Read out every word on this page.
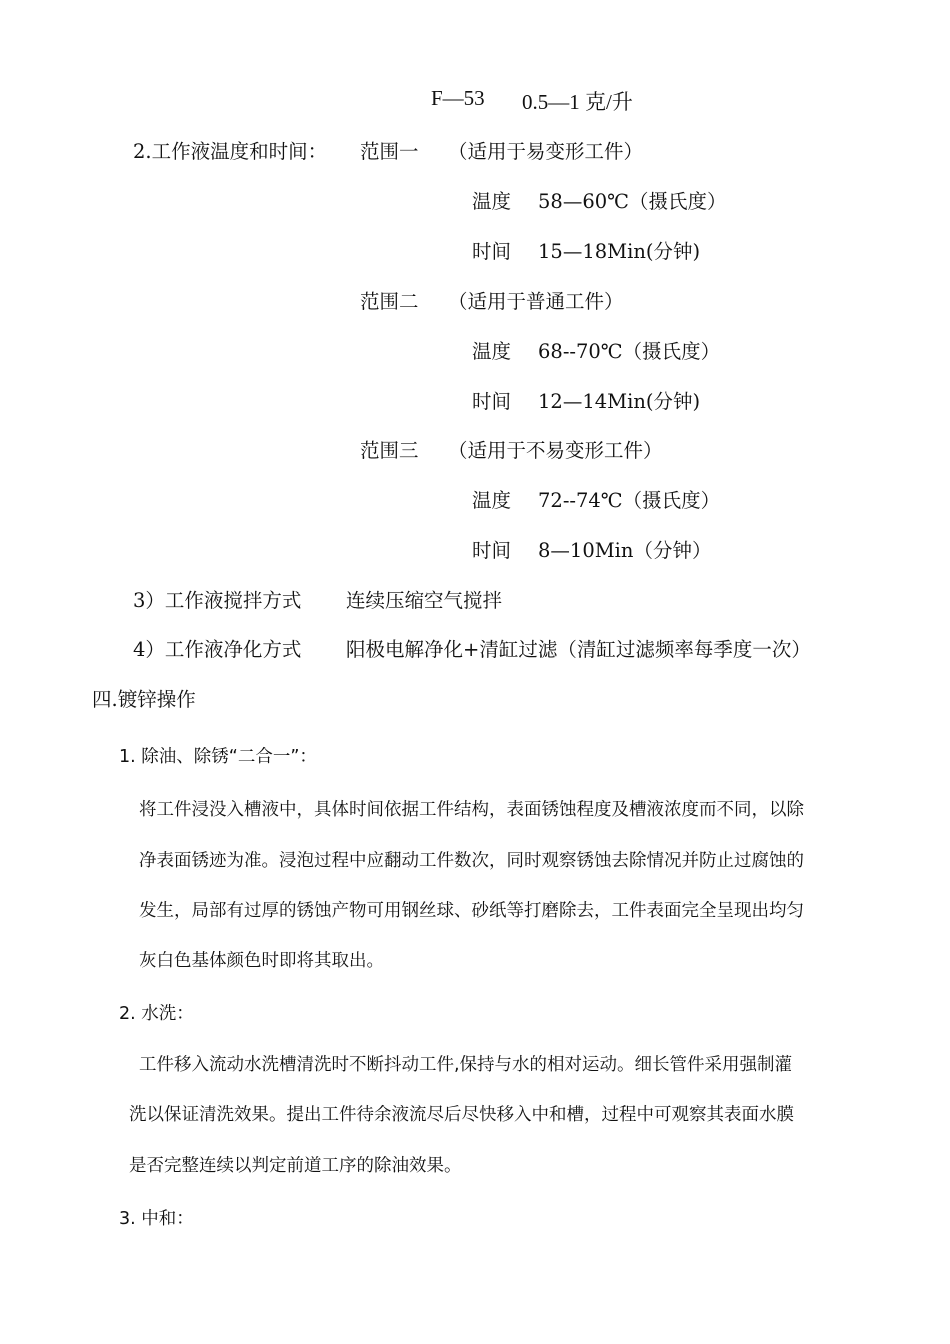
F—53 0.5—1 克/升
2.工作液温度和时间： 范围一 （适用于易变形工件）
温度 58—60℃（摄氏度）
时间 15—18Min(分钟)
范围二 （适用于普通工件）
温度 68--70℃（摄氏度）
时间 12—14Min(分钟)
范围三 （适用于不易变形工件）
温度 72--74℃（摄氏度）
时间 8—10Min（分钟）
3）工作液搅拌方式 连续压缩空气搅拌
4）工作液净化方式 阳极电解净化+清缸过滤（清缸过滤频率每季度一次）
四.镀锌操作
1. 除油、除锈“二合一”：
将工件浸没入槽液中，具体时间依据工件结构，表面锈蚀程度及槽液浓度而不同，以除
净表面锈迹为准。浸泡过程中应翻动工件数次，同时观察锈蚀去除情况并防止过腐蚀的
发生，局部有过厚的锈蚀产物可用钢丝球、砂纸等打磨除去，工件表面完全呈现出均匀
灰白色基体颜色时即将其取出。
2. 水洗：
工件移入流动水洗槽清洗时不断抖动工件,保持与水的相对运动。细长管件采用强制灌
洗以保证清洗效果。提出工件待余液流尽后尽快移入中和槽，过程中可观察其表面水膜
是否完整连续以判定前道工序的除油效果。
3. 中和：
